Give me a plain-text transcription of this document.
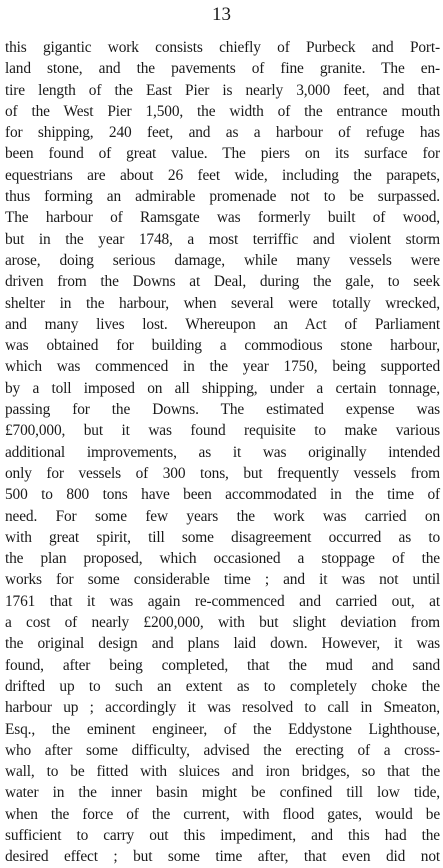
13
this gigantic work consists chiefly of Purbeck and Port-
land stone, and the pavements of fine granite. The en-
tire length of the East Pier is nearly 3,000 feet, and that
of the West Pier 1,500, the width of the entrance mouth
for shipping, 240 feet, and as a harbour of refuge has
been found of great value. The piers on its surface for
equestrians are about 26 feet wide, including the parapets,
thus forming an admirable promenade not to be surpassed.
The harbour of Ramsgate was formerly built of wood,
but in the year 1748, a most terriffic and violent storm
arose, doing serious damage, while many vessels were
driven from the Downs at Deal, during the gale, to seek
shelter in the harbour, when several were totally wrecked,
and many lives lost. Whereupon an Act of Parliament
was obtained for building a commodious stone harbour,
which was commenced in the year 1750, being supported
by a toll imposed on all shipping, under a certain tonnage,
passing for the Downs. The estimated expense was
£700,000, but it was found requisite to make various
additional improvements, as it was originally intended
only for vessels of 300 tons, but frequently vessels from
500 to 800 tons have been accommodated in the time of
need. For some few years the work was carried on
with great spirit, till some disagreement occurred as to
the plan proposed, which occasioned a stoppage of the
works for some considerable time ; and it was not until
1761 that it was again re-commenced and carried out, at
a cost of nearly £200,000, with but slight deviation from
the original design and plans laid down. However, it was
found, after being completed, that the mud and sand
drifted up to such an extent as to completely choke the
harbour up ; accordingly it was resolved to call in Smeaton,
Esq., the eminent engineer, of the Eddystone Lighthouse,
who after some difficulty, advised the erecting of a cross-
wall, to be fitted with sluices and iron bridges, so that the
water in the inner basin might be confined till low tide,
when the force of the current, with flood gates, would be
sufficient to carry out this impediment, and this had the
desired effect ; but some time after, that even did not
